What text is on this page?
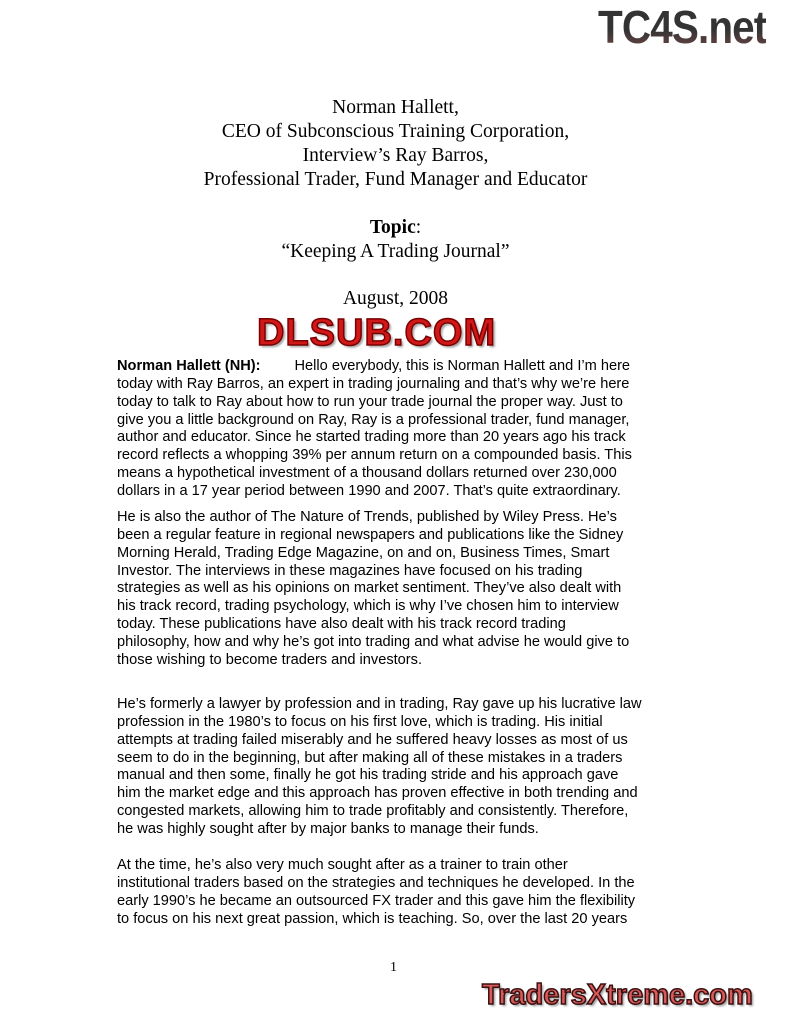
TC4S.net
Norman Hallett,
CEO of Subconscious Training Corporation,
Interview’s Ray Barros,
Professional Trader, Fund Manager and Educator
Topic:
“Keeping A Trading Journal”
August, 2008
DLSUB.COM
Norman Hallett (NH): Hello everybody, this is Norman Hallett and I’m here
today with Ray Barros, an expert in trading journaling and that’s why we’re here
today to talk to Ray about how to run your trade journal the proper way. Just to
give you a little background on Ray, Ray is a professional trader, fund manager,
author and educator. Since he started trading more than 20 years ago his track
record reflects a whopping 39% per annum return on a compounded basis. This
means a hypothetical investment of a thousand dollars returned over 230,000
dollars in a 17 year period between 1990 and 2007. That’s quite extraordinary.
He is also the author of The Nature of Trends, published by Wiley Press. He’s
been a regular feature in regional newspapers and publications like the Sidney
Morning Herald, Trading Edge Magazine, on and on, Business Times, Smart
Investor. The interviews in these magazines have focused on his trading
strategies as well as his opinions on market sentiment. They’ve also dealt with
his track record, trading psychology, which is why I’ve chosen him to interview
today. These publications have also dealt with his track record trading
philosophy, how and why he’s got into trading and what advise he would give to
those wishing to become traders and investors.
He’s formerly a lawyer by profession and in trading, Ray gave up his lucrative law
profession in the 1980’s to focus on his first love, which is trading. His initial
attempts at trading failed miserably and he suffered heavy losses as most of us
seem to do in the beginning, but after making all of these mistakes in a traders
manual and then some, finally he got his trading stride and his approach gave
him the market edge and this approach has proven effective in both trending and
congested markets, allowing him to trade profitably and consistently. Therefore,
he was highly sought after by major banks to manage their funds.
At the time, he’s also very much sought after as a trainer to train other
institutional traders based on the strategies and techniques he developed. In the
early 1990’s he became an outsourced FX trader and this gave him the flexibility
to focus on his next great passion, which is teaching. So, over the last 20 years
1
TradersXtreme.com
